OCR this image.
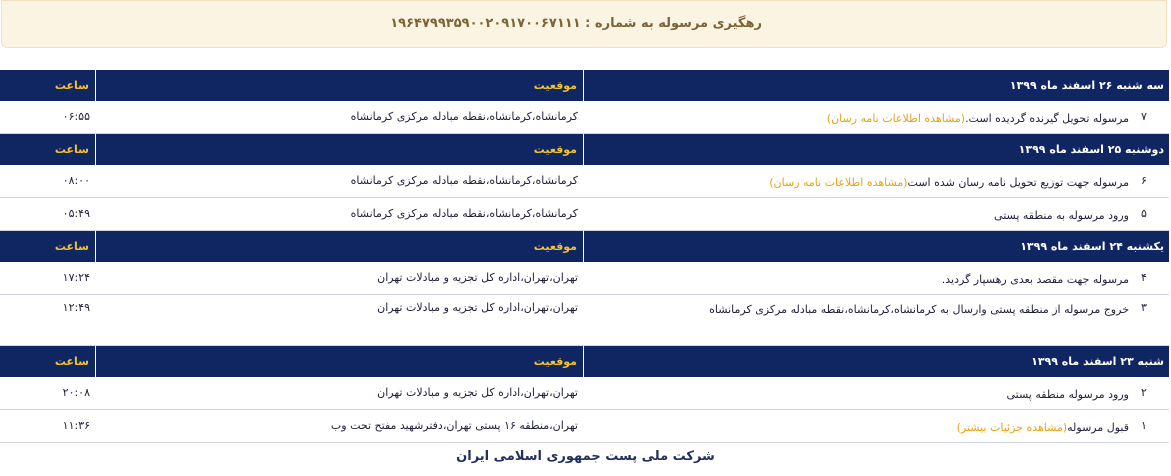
رهگیری مرسوله به شماره : ۱۹۶۴۷۹۹۳۵۹۰۰۲۰۹۱۷۰۰۶۷۱۱۱
سه شنبه ۲۶ اسفند ماه ۱۳۹۹
موقعیت
ساعت
۷
مرسوله تحویل گیرنده گردیده است.(مشاهده اطلاعات نامه رسان)
کرمانشاه،کرمانشاه،نقطه مبادله مرکزی کرمانشاه
۰۶:۵۵
دوشنبه ۲۵ اسفند ماه ۱۳۹۹
موقعیت
ساعت
۶
مرسوله جهت توزیع تحویل نامه رسان شده است(مشاهده اطلاعات نامه رسان)
کرمانشاه،کرمانشاه،نقطه مبادله مرکزی کرمانشاه
۰۸:۰۰
۵
ورود مرسوله به منطقه پستی
کرمانشاه،کرمانشاه،نقطه مبادله مرکزی کرمانشاه
۰۵:۴۹
یکشنبه ۲۴ اسفند ماه ۱۳۹۹
موقعیت
ساعت
۴
مرسوله جهت مقصد بعدی رهسپار گردید.
تهران،تهران،اداره کل تجزیه و مبادلات تهران
۱۷:۲۴
۳
خروج مرسوله از منطقه پستی وارسال به کرمانشاه،کرمانشاه،نقطه مبادله مرکزی کرمانشاه
تهران،تهران،اداره کل تجزیه و مبادلات تهران
۱۲:۴۹
شنبه ۲۳ اسفند ماه ۱۳۹۹
موقعیت
ساعت
۲
ورود مرسوله منطقه پستی
تهران،تهران،اداره کل تجزیه و مبادلات تهران
۲۰:۰۸
۱
قبول مرسوله(مشاهده جزئیات بیشتر)
تهران،منطقه ۱۶ پستی تهران،دفترشهید مفتح تحت وب
۱۱:۳۶
شرکت ملی پست جمهوری اسلامی ایران
